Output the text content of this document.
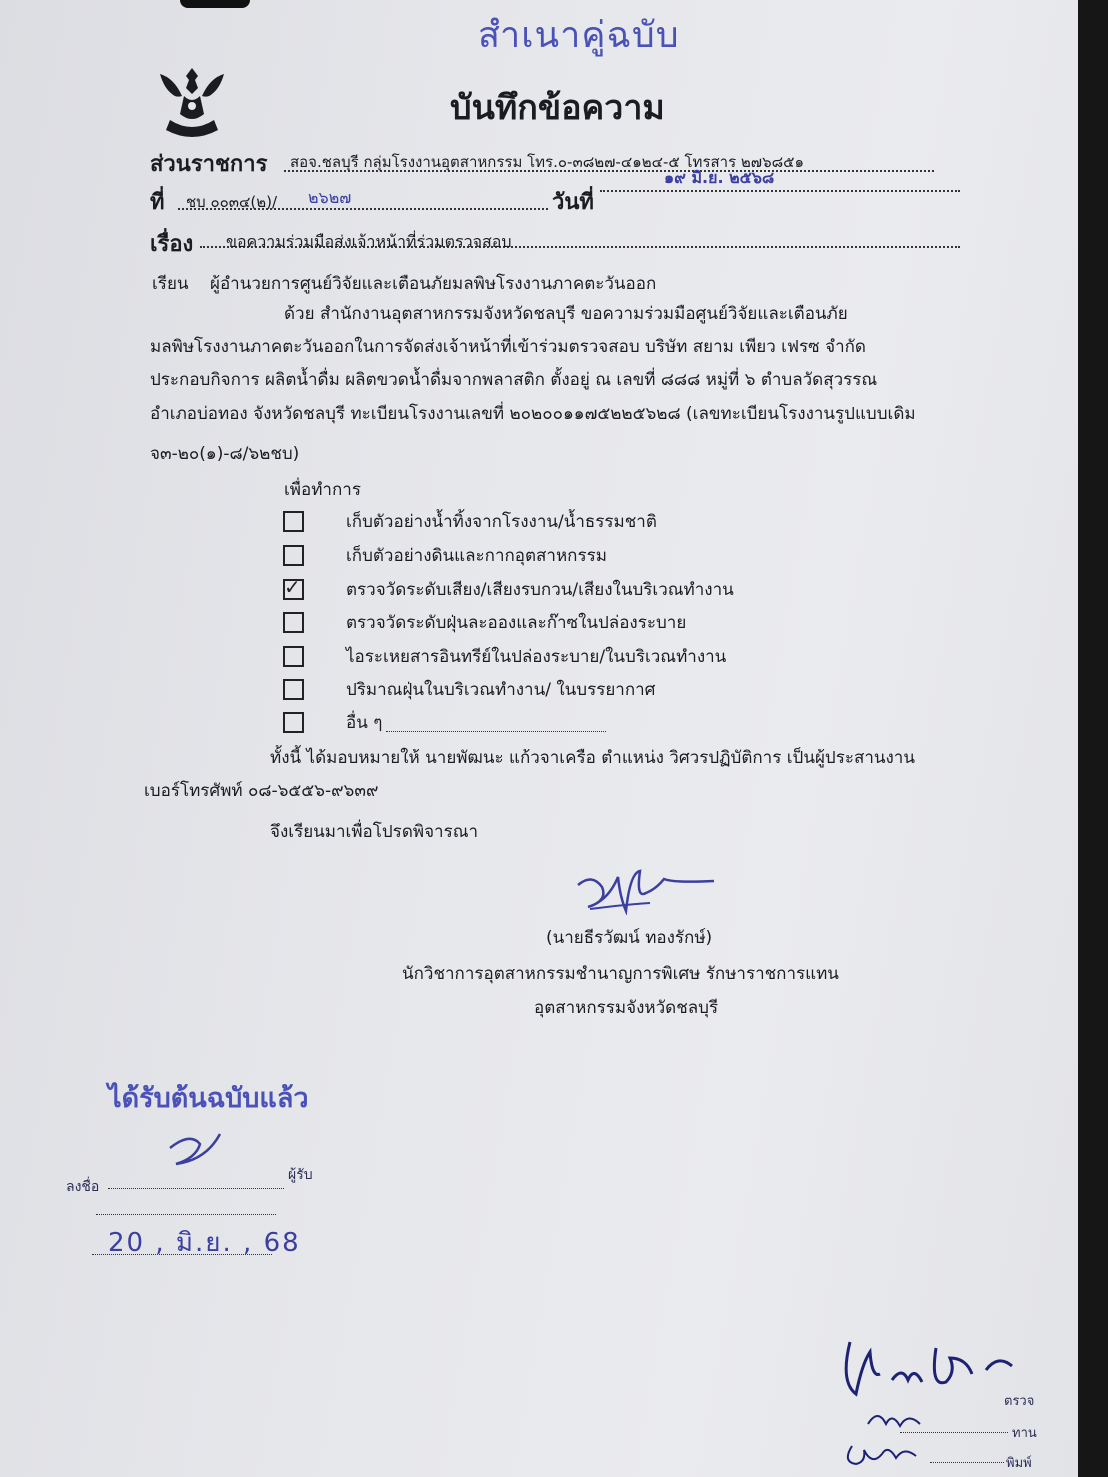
สำเนาคู่ฉบับ
บันทึกข้อความ
ส่วนราชการ สอจ.ชลบุรี กลุ่มโรงงานอุตสาหกรรม โทร.๐-๓๘๒๗-๔๑๒๔-๕ โทรสาร ๒๗๖๘๕๑
ที่ ชบ ๐๐๓๔(๒)/ ๒๖๒๗	วันที่
๑๙ มิ.ย. ๒๕๖๘
เรื่อง ขอความร่วมมือส่งเจ้าหน้าที่ร่วมตรวจสอบ
เรียน ผู้อำนวยการศูนย์วิจัยและเตือนภัยมลพิษโรงงานภาคตะวันออก
ด้วย สำนักงานอุตสาหกรรมจังหวัดชลบุรี ขอความร่วมมือศูนย์วิจัยและเตือนภัย
มลพิษโรงงานภาคตะวันออกในการจัดส่งเจ้าหน้าที่เข้าร่วมตรวจสอบ บริษัท สยาม เพียว เฟรซ จำกัด
ประกอบกิจการ ผลิตน้ำดื่ม ผลิตขวดน้ำดื่มจากพลาสติก ตั้งอยู่ ณ เลขที่ ๘๘๘ หมู่ที่ ๖ ตำบลวัดสุวรรณ
อำเภอบ่อทอง จังหวัดชลบุรี ทะเบียนโรงงานเลขที่ ๒๐๒๐๐๑๑๗๕๒๒๕๖๒๘ (เลขทะเบียนโรงงานรูปแบบเดิม
จ๓-๒๐(๑)-๘/๖๒ชบ)
เพื่อทำการ
เก็บตัวอย่างน้ำทิ้งจากโรงงาน/น้ำธรรมชาติ
เก็บตัวอย่างดินและกากอุตสาหกรรม
✓
ตรวจวัดระดับเสียง/เสียงรบกวน/เสียงในบริเวณทำงาน
ตรวจวัดระดับฝุ่นละอองและก๊าซในปล่องระบาย
ไอระเหยสารอินทรีย์ในปล่องระบาย/ในบริเวณทำงาน
ปริมาณฝุ่นในบริเวณทำงาน/ ในบรรยากาศ
อื่น ๆ
ทั้งนี้ ได้มอบหมายให้ นายพัฒนะ แก้วจาเครือ ตำแหน่ง วิศวรปฏิบัติการ เป็นผู้ประสานงาน
เบอร์โทรศัพท์ ๐๘-๖๕๕๖-๙๖๓๙
จึงเรียนมาเพื่อโปรดพิจารณา
(นายธีรวัฒน์ ทองรักษ์)
นักวิชาการอุตสาหกรรมชำนาญการพิเศษ รักษาราชการแทน
อุตสาหกรรมจังหวัดชลบุรี
ได้รับต้นฉบับแล้ว
ลงชื่อ
ผู้รับ
20 , มิ.ย. , 68
ตรวจ
ทาน
พิมพ์
